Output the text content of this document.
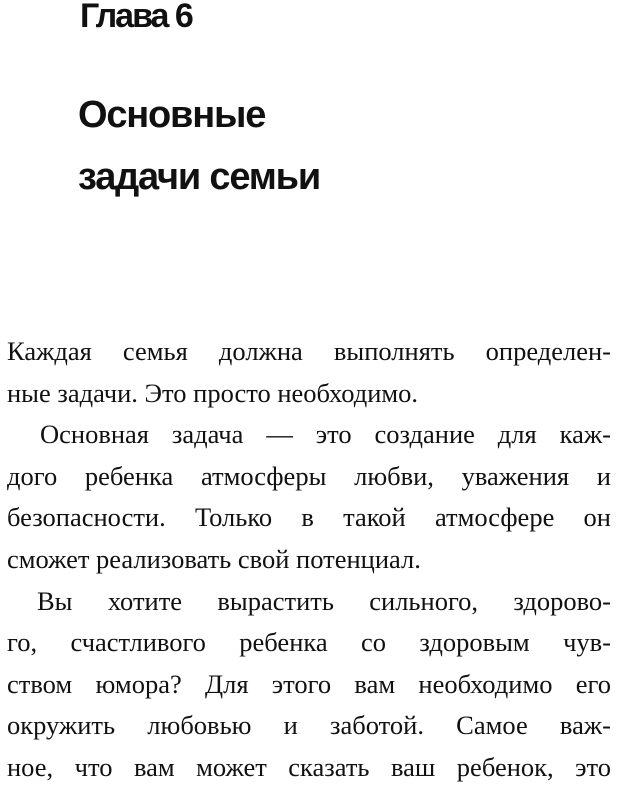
Глава 6
Основные
задачи семьи
Каждая семья должна выполнять определен-
ные задачи. Это просто необходимо.
Основная задача — это создание для каж-
дого ребенка атмосферы любви, уважения и
безопасности. Только в такой атмосфере он
сможет реализовать свой потенциал.
Вы хотите вырастить сильного, здорово-
го, счастливого ребенка со здоровым чув-
ством юмора? Для этого вам необходимо его
окружить любовью и заботой. Самое важ-
ное, что вам может сказать ваш ребенок, это
